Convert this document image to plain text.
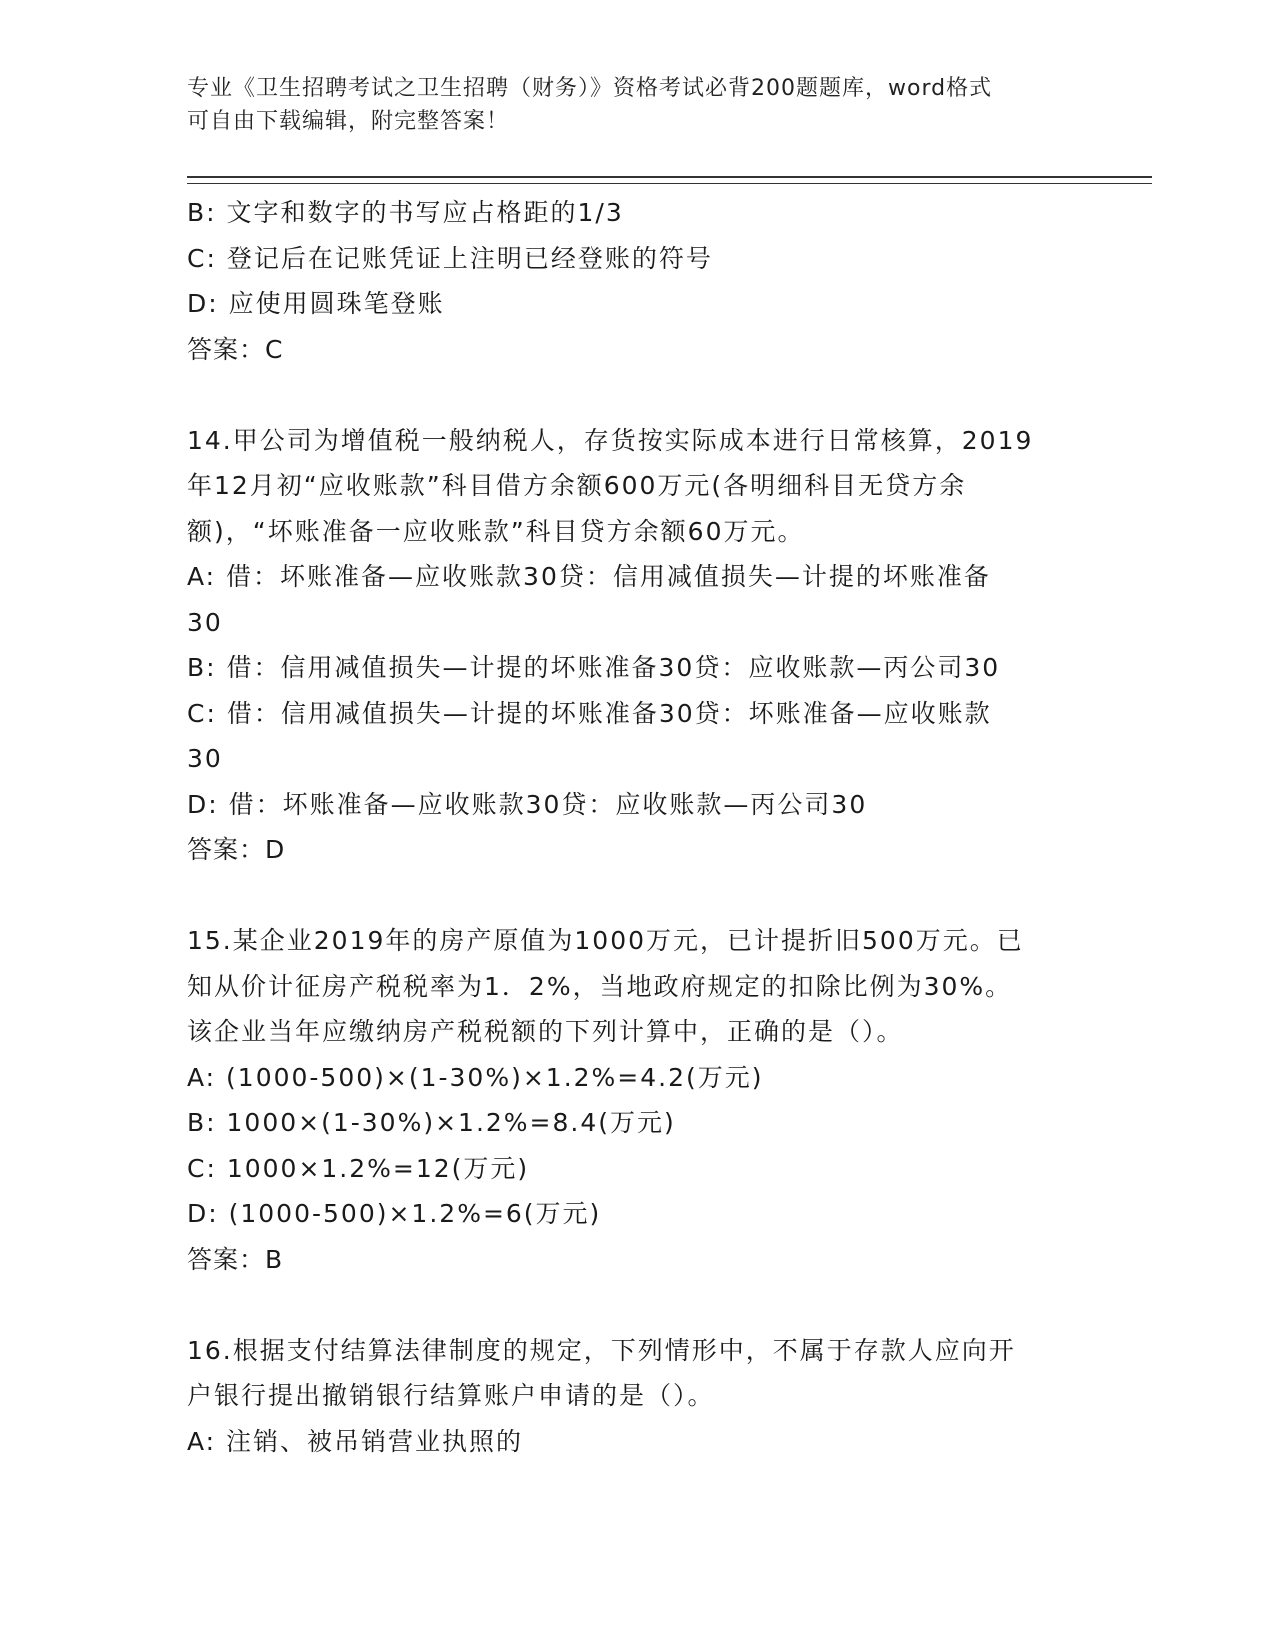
专业《卫生招聘考试之卫生招聘（财务）》资格考试必背200题题库，word格式
可自由下载编辑，附完整答案！
B: 文字和数字的书写应占格距的1/3
C: 登记后在记账凭证上注明已经登账的符号
D: 应使用圆珠笔登账
答案：C
14.甲公司为增值税一般纳税人，存货按实际成本进行日常核算，2019
年12月初“应收账款”科目借方余额600万元(各明细科目无贷方余
额)，“坏账准备一应收账款”科目贷方余额60万元。
A: 借：坏账准备—应收账款30贷：信用减值损失—计提的坏账准备
30
B: 借：信用减值损失—计提的坏账准备30贷：应收账款—丙公司30
C: 借：信用减值损失—计提的坏账准备30贷：坏账准备—应收账款
30
D: 借：坏账准备—应收账款30贷：应收账款—丙公司30
答案：D
15.某企业2019年的房产原值为1000万元，已计提折旧500万元。已
知从价计征房产税税率为1．2%，当地政府规定的扣除比例为30%。
该企业当年应缴纳房产税税额的下列计算中，正确的是（）。
A: (1000-500)×(1-30%)×1.2%=4.2(万元)
B: 1000×(1-30%)×1.2%=8.4(万元)
C: 1000×1.2%=12(万元)
D: (1000-500)×1.2%=6(万元)
答案：B
16.根据支付结算法律制度的规定，下列情形中，不属于存款人应向开
户银行提出撤销银行结算账户申请的是（）。
A: 注销、被吊销营业执照的
